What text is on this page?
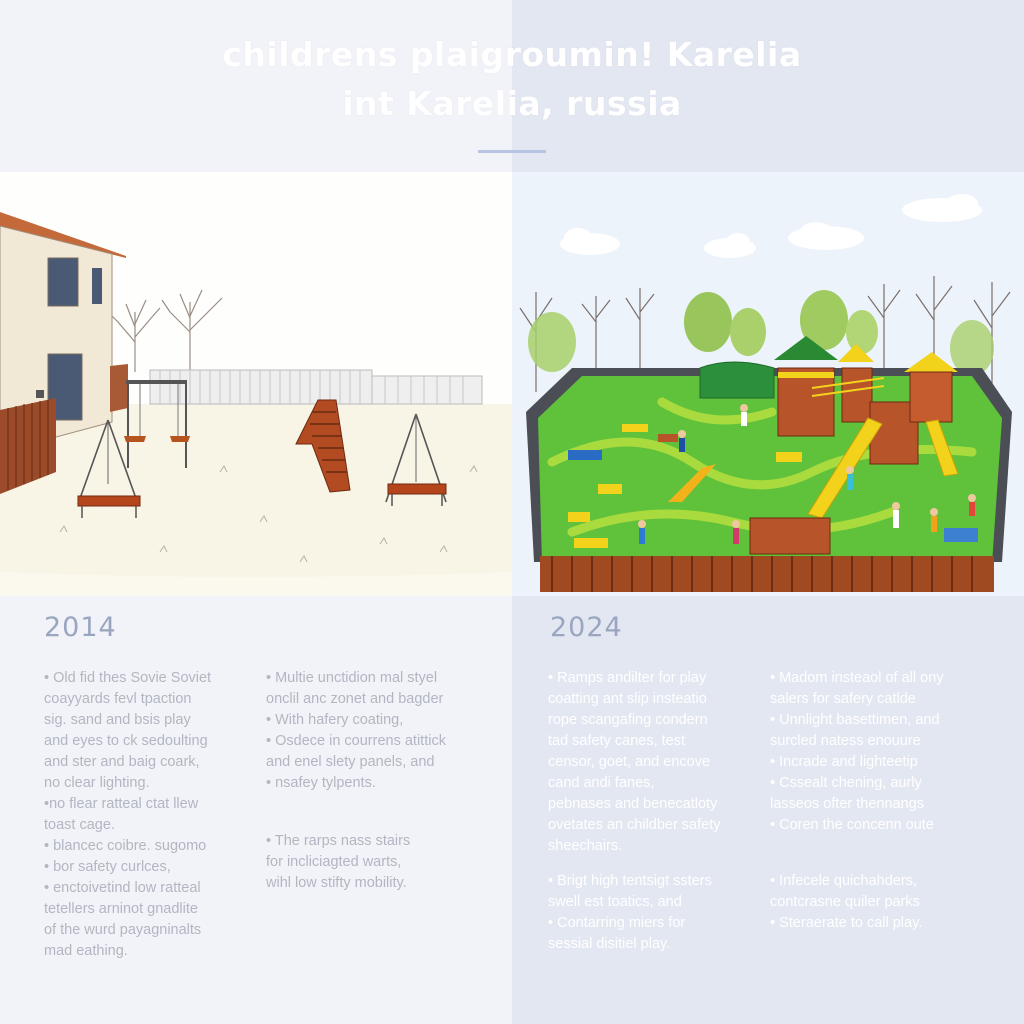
childrens plaigroumin! Karelia
int Karelia, russia
2014	2024
• Old fid thes Sovie Soviet
coayyards fevl tpaction
sig. sand and bsis play
and eyes to ck sedoulting
and ster and baig coark,
no clear lighting.
•no flear ratteal ctat llew
toast cage.
• blancec coibre. sugomo
• bor safety curlces,
• enctoivetind low ratteal
tetellers arninot gnadlite
of the wurd payagninalts
mad eathing.
• Multie unctidion mal styel
onclil anc zonet and bagder
• With hafery coating,
• Osdece in courrens atittick
and enel slety panels, and
• nsafey tylpents.
• The rarps nass stairs
for incliciagted warts,
wihl low stifty mobility.
• Ramps andilter for play
coatting ant slip insteatio
rope scangafing condern
tad safety canes, test
censor, goet, and encove
cand andi fanes,
pebnases and benecatloty
ovetates an childber safety
sheechairs.
• Brigt high tentsigt ssters
swell est toatics, and
• Contarring miers for
sessial disitiel play.
• Madom insteaol of all ony
salers for safery catlde
• Unnlight basettimen, and
surcled natess enouure
• Incrade and lighteetip
• Cssealt chening, aurly
lasseos ofter thennangs
• Coren the concenn oute
• Infecele quichahders,
contcrasne quiler parks
• Steraerate to call play.
